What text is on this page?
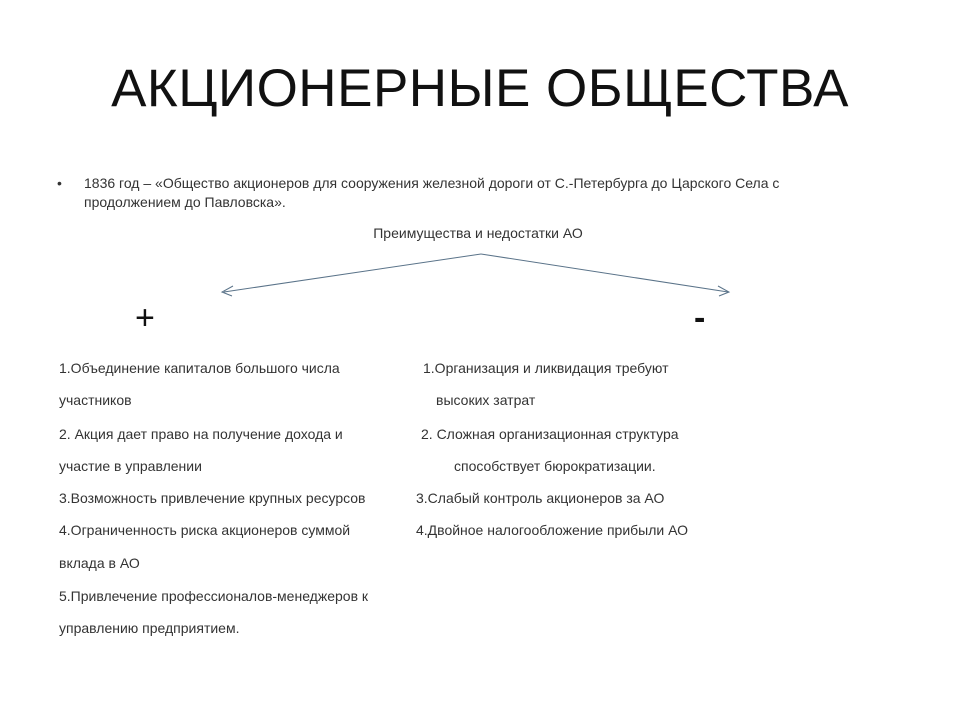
АКЦИОНЕРНЫЕ ОБЩЕСТВА
• 1836 год – «Общество акционеров для сооружения железной дороги от С.-Петербурга до Царского Села с
продолжением до Павловска».
Преимущества и недостатки АО
+	-
1.Объединение капиталов большого числа
участников
2. Акция дает право на получение дохода и
участие в управлении
3.Возможность привлечение крупных ресурсов
4.Ограниченность риска акционеров суммой
вклада в АО
5.Привлечение профессионалов-менеджеров к
управлению предприятием.
1.Организация и ликвидация требуют
высоких затрат
2. Сложная организационная структура
способствует бюрократизации.
3.Слабый контроль акционеров за АО
4.Двойное налогообложение прибыли АО
